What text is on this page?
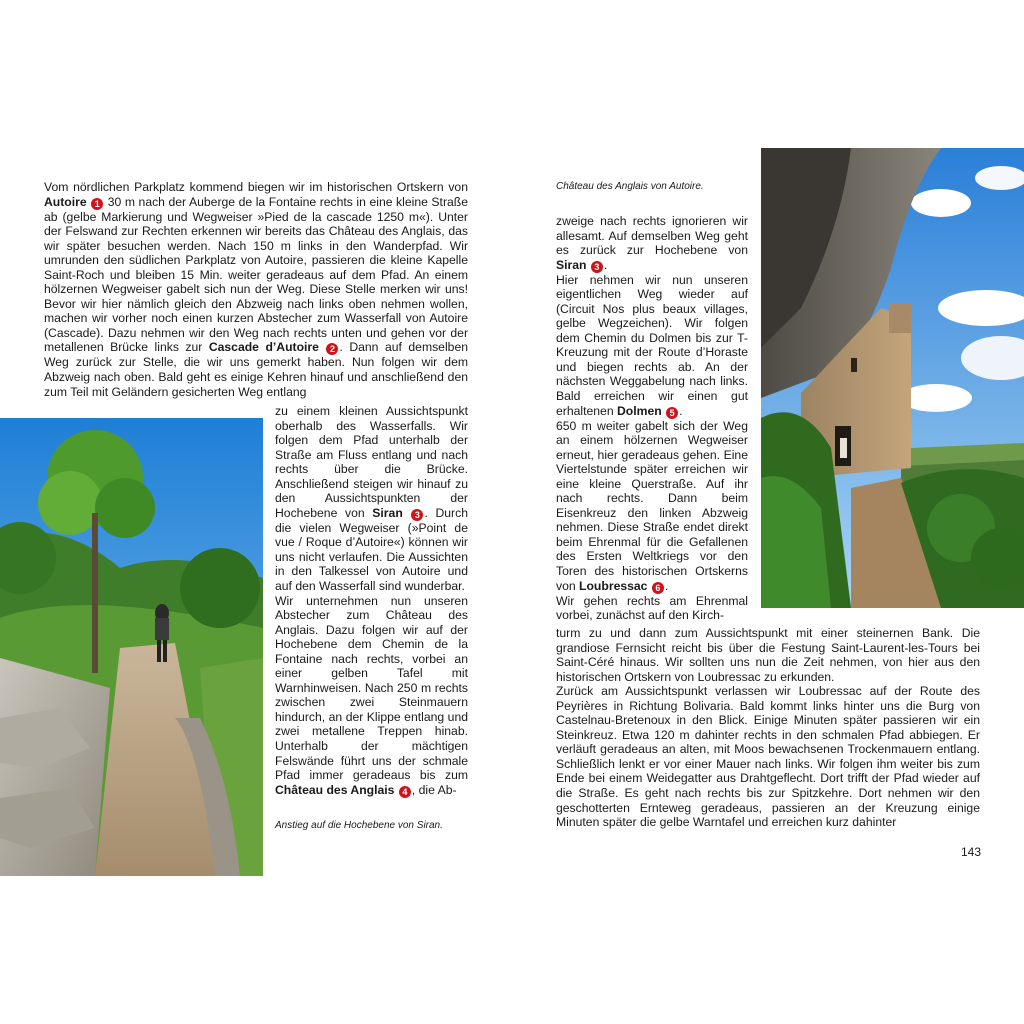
Vom nördlichen Parkplatz kommend biegen wir im historischen Ortskern von Autoire 1 30 m nach der Auberge de la Fontaine rechts in eine kleine Straße ab (gelbe Markierung und Wegweiser »Pied de la cascade 1250 m«). Unter der Felswand zur Rechten erkennen wir bereits das Château des Anglais, das wir später besuchen werden. Nach 150 m links in den Wanderpfad. Wir umrunden den südlichen Parkplatz von Autoire, passieren die kleine Kapelle Saint-Roch und bleiben 15 Min. weiter geradeaus auf dem Pfad. An einem hölzernen Wegweiser gabelt sich nun der Weg. Diese Stelle merken wir uns! Bevor wir hier nämlich gleich den Abzweig nach links oben nehmen wollen, machen wir vorher noch einen kurzen Abstecher zum Wasserfall von Autoire (Cascade). Dazu nehmen wir den Weg nach rechts unten und gehen vor der metallenen Brücke links zur Cascade d’Autoire 2 . Dann auf demselben Weg zurück zur Stelle, die wir uns gemerkt haben. Nun folgen wir dem Abzweig nach oben. Bald geht es einige Kehren hinauf und anschließend den zum Teil mit Geländern gesicherten Weg entlang

zu einem kleinen Aussichtspunkt oberhalb des Wasserfalls. Wir folgen dem Pfad unterhalb der Straße am Fluss entlang und nach rechts über die Brücke. Anschließend steigen wir hinauf zu den Aussichtspunkten der Hochebene von Siran 3 . Durch die vielen Wegweiser (»Point de vue / Roque d’Autoire«) können wir uns nicht verlaufen. Die Aussichten in den Talkessel von Autoire und auf den Wasserfall sind wunderbar.

Wir unternehmen nun unseren Abstecher zum Château des Anglais. Dazu folgen wir auf der Hochebene dem Chemin de la Fontaine nach rechts, vorbei an einer gelben Tafel mit Warnhinweisen. Nach 250 m rechts zwischen zwei Steinmauern hindurch, an der Klippe entlang und zwei metallene Treppen hinab. Unterhalb der mächtigen Felswände führt uns der schmale Pfad immer geradeaus bis zum Château des Anglais 4 , die Ab-

Anstieg auf die Hochebene von Siran.
Château des Anglais von Autoire.

zweige nach rechts ignorieren wir allesamt. Auf demselben Weg geht es zurück zur Hochebene von Siran 3 .

Hier nehmen wir nun unseren eigentlichen Weg wieder auf (Circuit Nos plus beaux villages, gelbe Wegzeichen). Wir folgen dem Chemin du Dolmen bis zur T-Kreuzung mit der Route d’Horaste und biegen rechts ab. An der nächsten Weggabelung nach links. Bald erreichen wir einen gut erhaltenen Dolmen 5 .

650 m weiter gabelt sich der Weg an einem hölzernen Wegweiser erneut, hier geradeaus gehen. Eine Viertelstunde später erreichen wir eine kleine Querstraße. Auf ihr nach rechts. Dann beim Eisenkreuz den linken Abzweig nehmen. Diese Straße endet direkt beim Ehrenmal für die Gefallenen des Ersten Weltkriegs vor den Toren des historischen Ortskerns von Loubressac 6 .

Wir gehen rechts am Ehrenmal vorbei, zunächst auf den Kirch-

turm zu und dann zum Aussichtspunkt mit einer steinernen Bank. Die grandiose Fernsicht reicht bis über die Festung Saint-Laurent-les-Tours bei Saint-Céré hinaus. Wir sollten uns nun die Zeit nehmen, von hier aus den historischen Ortskern von Loubressac zu erkunden.

Zurück am Aussichtspunkt verlassen wir Loubressac auf der Route des Peyrières in Richtung Bolivaria. Bald kommt links hinter uns die Burg von Castelnau-Bretenoux in den Blick. Einige Minuten später passieren wir ein Steinkreuz. Etwa 120 m dahinter rechts in den schmalen Pfad abbiegen. Er verläuft geradeaus an alten, mit Moos bewachsenen Trockenmauern entlang. Schließlich lenkt er vor einer Mauer nach links. Wir folgen ihm weiter bis zum Ende bei einem Weidegatter aus Drahtgeflecht. Dort trifft der Pfad wieder auf die Straße. Es geht nach rechts bis zur Spitzkehre. Dort nehmen wir den geschotterten Ernteweg geradeaus, passieren an der Kreuzung einige Minuten später die gelbe Warntafel und erreichen kurz dahinter

143
